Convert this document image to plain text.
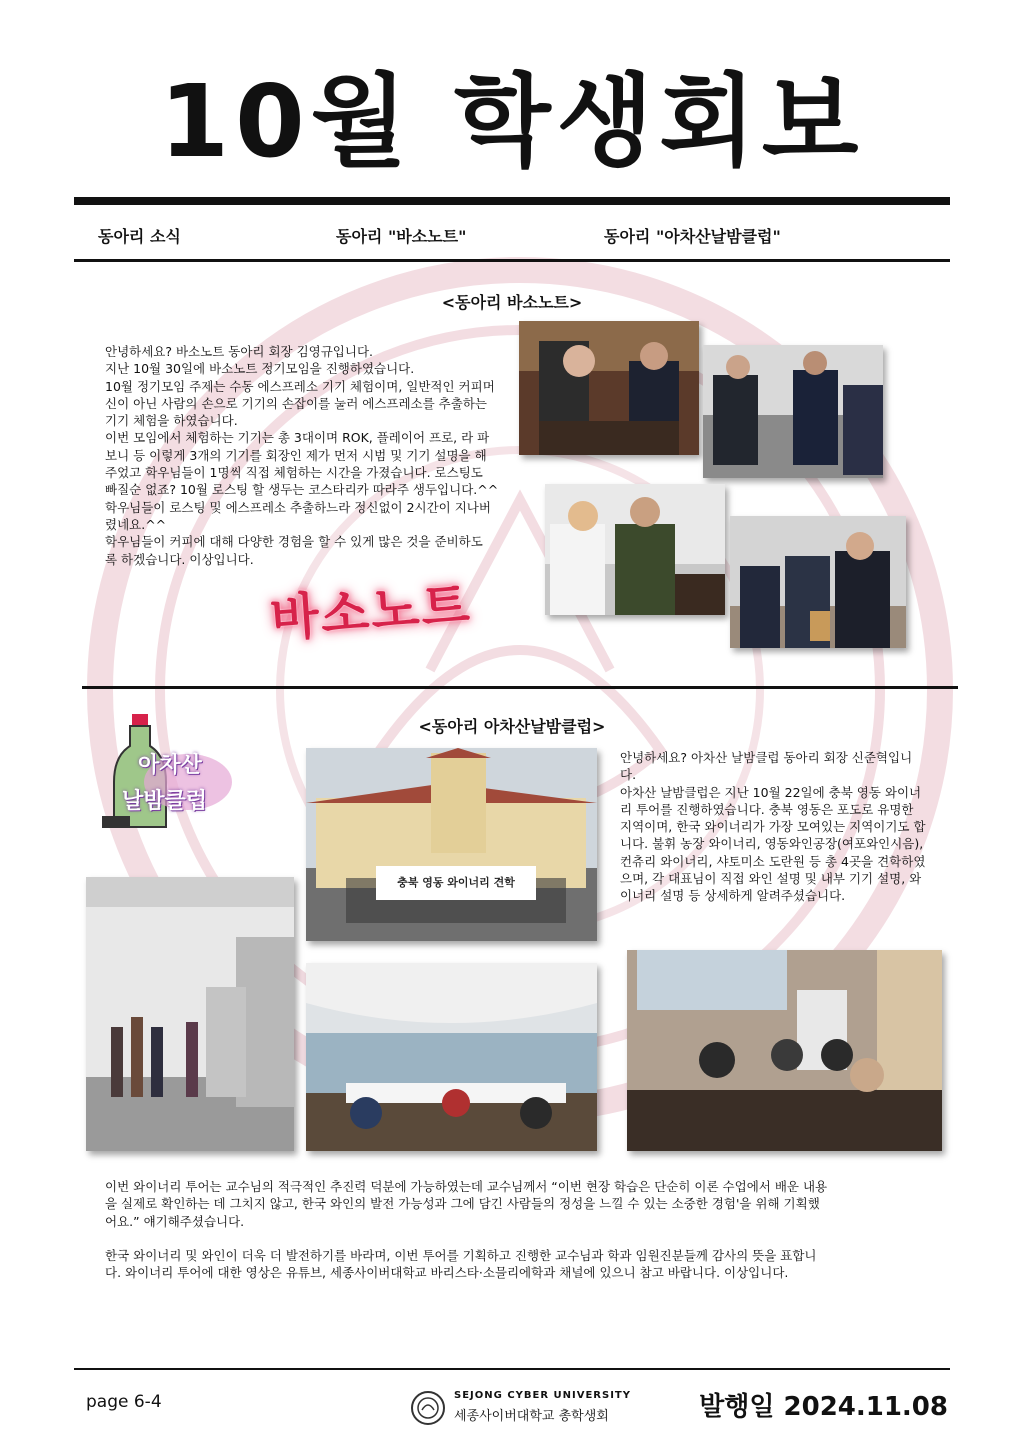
10월 학생회보
동아리 소식	동아리 "바소노트"	동아리 "아차산날밤클럽"
<동아리 바소노트>
안녕하세요? 바소노트 동아리 회장 김영규입니다.
지난 10월 30일에 바소노트 정기모임을 진행하였습니다.
10월 정기모임 주제는 수동 에스프레소 기기 체험이며, 일반적인 커피머
신이 아닌 사람의 손으로 기기의 손잡이를 눌러 에스프레소를 추출하는
기기 체험을 하였습니다.
이번 모임에서 체험하는 기기는 총 3대이며 ROK, 플레이어 프로, 라 파
보니 등 이렇게 3개의 기기를 회장인 제가 먼저 시범 및 기기 설명을 해
주었고 학우님들이 1명씩 직접 체험하는 시간을 가졌습니다. 로스팅도
빠질순 없죠? 10월 로스팅 할 생두는 코스타리카 따라주 생두입니다.^^
학우님들이 로스팅 및 에스프레소 추출하느라 정신없이 2시간이 지나버
렸네요.^^
학우님들이 커피에 대해 다양한 경험을 할 수 있게 많은 것을 준비하도
록 하겠습니다. 이상입니다.
바소노트
<동아리 아차산날밤클럽>
아차산
날밤클럽
충북 영동 와이너리 견학
안녕하세요? 아차산 날밤클럽 동아리 회장 신준혁입니
다.
아차산 날밤클럽은 지난 10월 22일에 충북 영동 와이너
리 투어를 진행하였습니다. 충북 영동은 포도로 유명한
지역이며, 한국 와이너리가 가장 모여있는 지역이기도 합
니다. 불휘 농장 와이너리, 영동와인공장(여포와인시음),
컨츄리 와이너리, 샤토미소 도란원 등 총 4곳을 견학하였
으며, 각 대표님이 직접 와인 설명 및 내부 기기 설명, 와
이너리 설명 등 상세하게 알려주셨습니다.
이번 와이너리 투어는 교수님의 적극적인 추진력 덕분에 가능하였는데 교수님께서 “이번 현장 학습은 단순히 이론 수업에서 배운 내용
을 실제로 확인하는 데 그치지 않고, 한국 와인의 발전 가능성과 그에 담긴 사람들의 정성을 느낄 수 있는 소중한 경험'을 위해 기획했
어요.” 얘기해주셨습니다.

한국 와이너리 및 와인이 더욱 더 발전하기를 바라며, 이번 투어를 기획하고 진행한 교수님과 학과 임원진분들께 감사의 뜻을 표합니
다. 와이너리 투어에 대한 영상은 유튜브, 세종사이버대학교 바리스타·소믈리에학과 채널에 있으니 참고 바랍니다. 이상입니다.
page 6-4	SEJONG CYBER UNIVERSITY
세종사이버대학교 총학생회	발행일 2024.11.08
